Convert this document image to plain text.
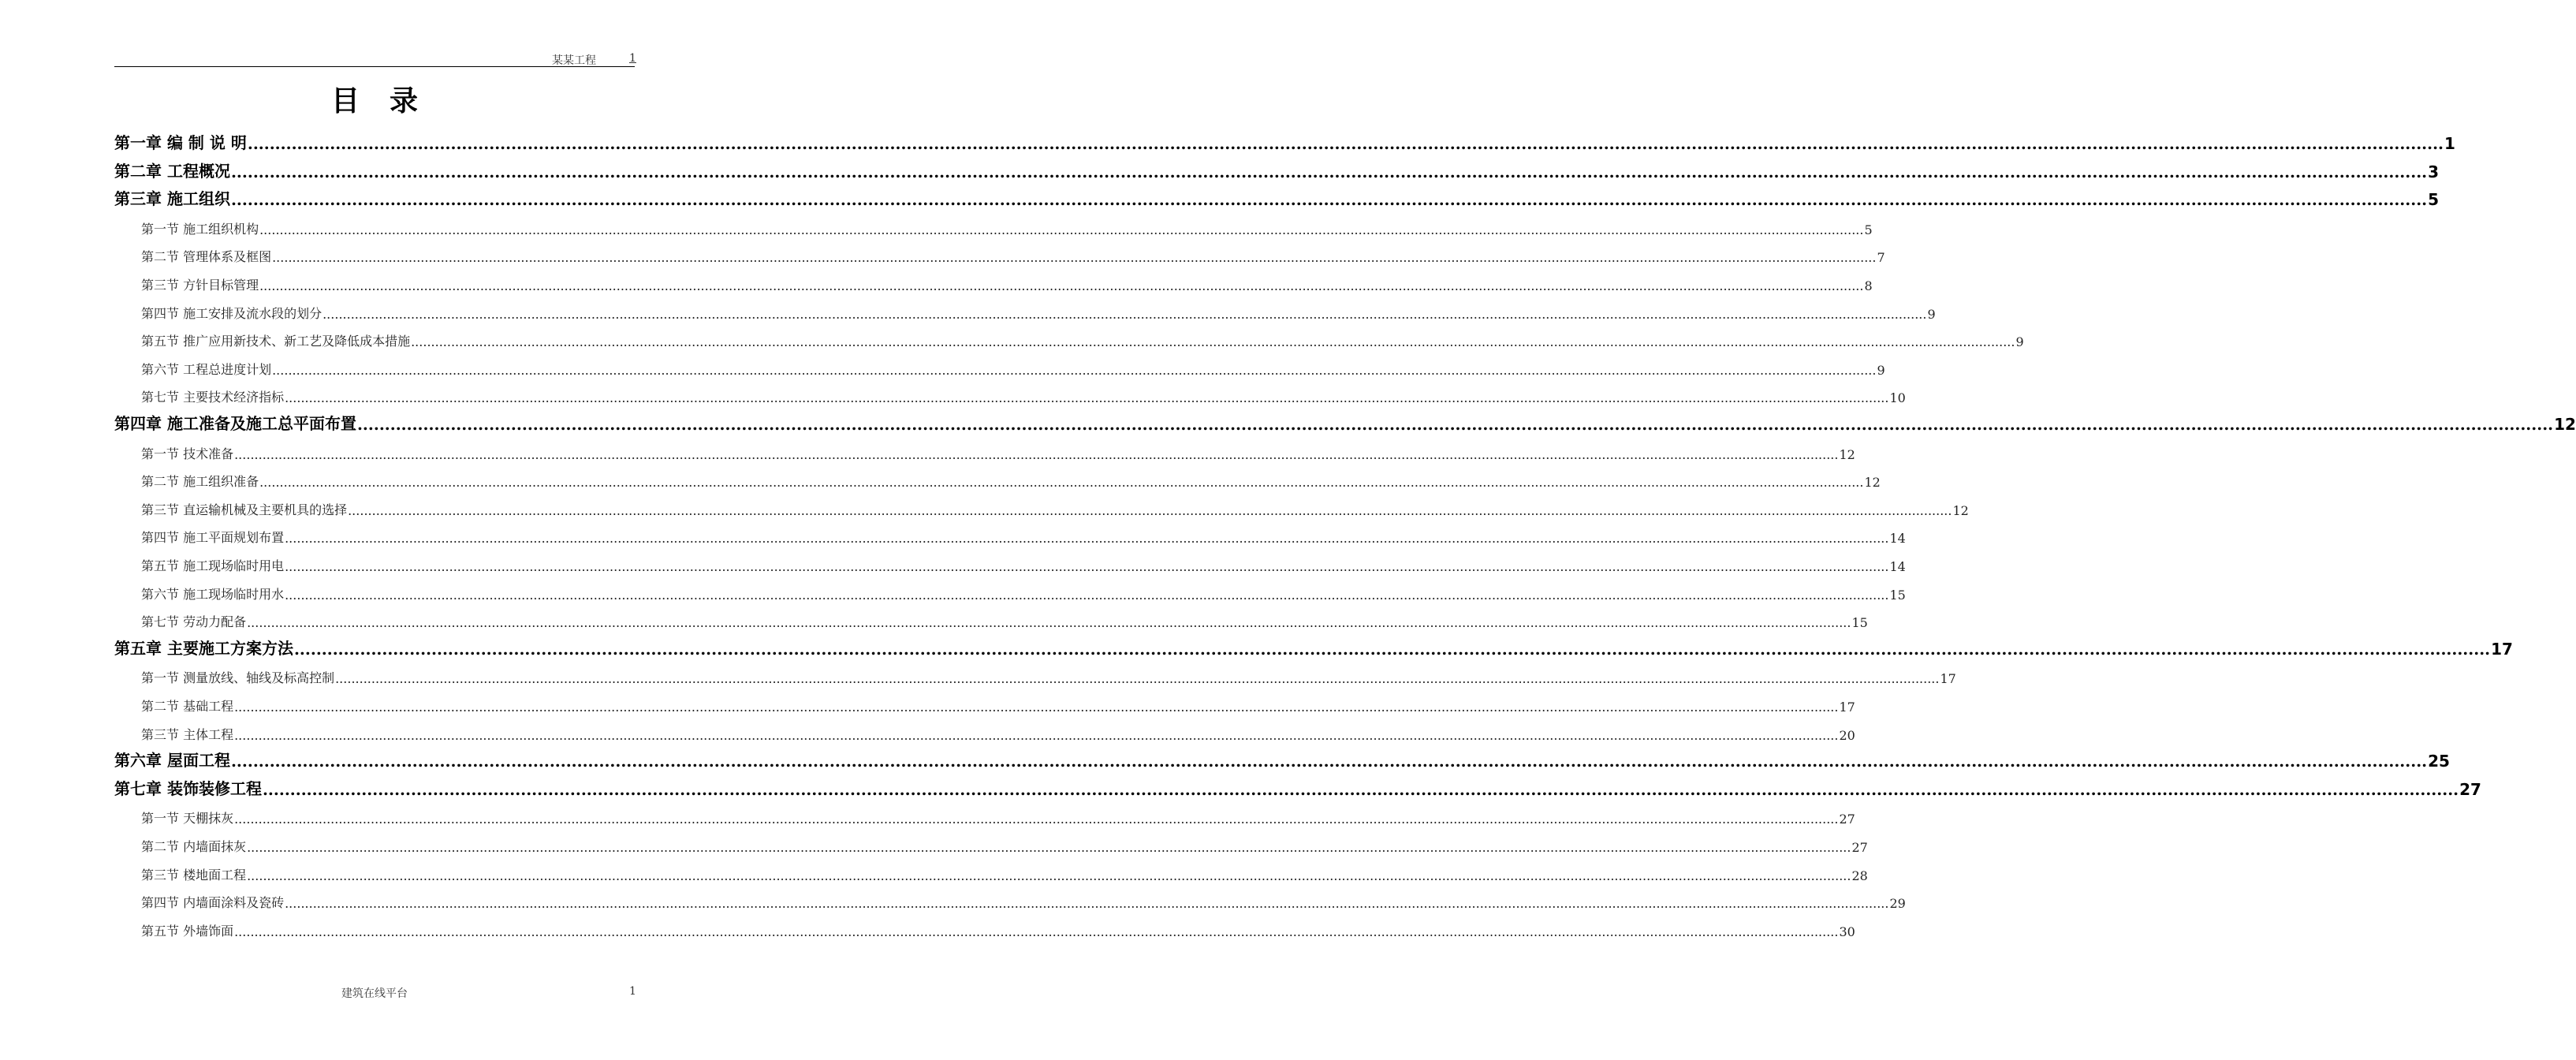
某某工程	1
目录
第一章 编 制 说 明 ................................................................................................................................................................................................................................................................................................................................................................................................................ 1
第二章 工程概况 ................................................................................................................................................................................................................................................................................................................................................................................................................ 3
第三章 施工组织 ................................................................................................................................................................................................................................................................................................................................................................................................................ 5
第一节 施工组织机构 ................................................................................................................................................................................................................................................................................................................................................................................................................ 5
第二节 管理体系及框图 ................................................................................................................................................................................................................................................................................................................................................................................................................ 7
第三节 方针目标管理 ................................................................................................................................................................................................................................................................................................................................................................................................................ 8
第四节 施工安排及流水段的划分 ................................................................................................................................................................................................................................................................................................................................................................................................................ 9
第五节 推广应用新技术、新工艺及降低成本措施 ................................................................................................................................................................................................................................................................................................................................................................................................................ 9
第六节 工程总进度计划 ................................................................................................................................................................................................................................................................................................................................................................................................................ 9
第七节 主要技术经济指标 ................................................................................................................................................................................................................................................................................................................................................................................................................ 10
第四章 施工准备及施工总平面布置 ................................................................................................................................................................................................................................................................................................................................................................................................................ 12
第一节 技术准备 ................................................................................................................................................................................................................................................................................................................................................................................................................ 12
第二节 施工组织准备 ................................................................................................................................................................................................................................................................................................................................................................................................................ 12
第三节 直运输机械及主要机具的选择 ................................................................................................................................................................................................................................................................................................................................................................................................................ 12
第四节 施工平面规划布置 ................................................................................................................................................................................................................................................................................................................................................................................................................ 14
第五节 施工现场临时用电 ................................................................................................................................................................................................................................................................................................................................................................................................................ 14
第六节 施工现场临时用水 ................................................................................................................................................................................................................................................................................................................................................................................................................ 15
第七节 劳动力配备 ................................................................................................................................................................................................................................................................................................................................................................................................................ 15
第五章 主要施工方案方法 ................................................................................................................................................................................................................................................................................................................................................................................................................ 17
第一节 测量放线、轴线及标高控制 ................................................................................................................................................................................................................................................................................................................................................................................................................ 17
第二节 基础工程 ................................................................................................................................................................................................................................................................................................................................................................................................................ 17
第三节 主体工程 ................................................................................................................................................................................................................................................................................................................................................................................................................ 20
第六章 屋面工程 ................................................................................................................................................................................................................................................................................................................................................................................................................ 25
第七章 装饰装修工程 ................................................................................................................................................................................................................................................................................................................................................................................................................ 27
第一节 天棚抹灰 ................................................................................................................................................................................................................................................................................................................................................................................................................ 27
第二节 内墙面抹灰 ................................................................................................................................................................................................................................................................................................................................................................................................................ 27
第三节 楼地面工程 ................................................................................................................................................................................................................................................................................................................................................................................................................ 28
第四节 内墙面涂料及瓷砖 ................................................................................................................................................................................................................................................................................................................................................................................................................ 29
第五节 外墙饰面 ................................................................................................................................................................................................................................................................................................................................................................................................................ 30
建筑在线平台	1
